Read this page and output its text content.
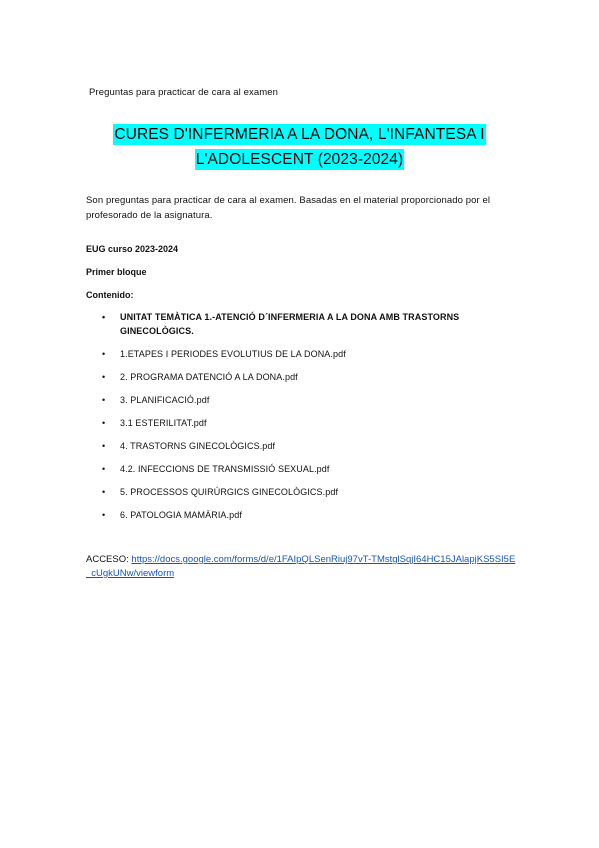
Preguntas para practicar de cara al examen
CURES D'INFERMERIA A LA DONA, L'INFANTESA I
L'ADOLESCENT (2023-2024)
Son preguntas para practicar de cara al examen. Basadas en el material proporcionado por el profesorado de la asignatura.
EUG curso 2023-2024
Primer bloque
Contenido:
• UNITAT TEMÀTICA 1.-ATENCIÓ D´INFERMERIA A LA DONA AMB TRASTORNS GINECOLÒGICS.
• 1.ETAPES I PERIODES EVOLUTIUS DE LA DONA.pdf
• 2. PROGRAMA DATENCIÓ A LA DONA.pdf
• 3. PLANIFICACIÓ.pdf
• 3.1 ESTERILITAT.pdf
• 4. TRASTORNS GINECOLÒGICS.pdf
• 4.2. INFECCIONS DE TRANSMISSIÓ SEXUAL.pdf
• 5. PROCESSOS QUIRÚRGICS GINECOLÒGICS.pdf
• 6. PATOLOGIA MAMÀRIA.pdf
ACCESO: https://docs.google.com/forms/d/e/1FAIpQLSenRiuj97vT-TMstglSqjI64HC15JAlapjKS5SI5E_cUgkUNw/viewform
